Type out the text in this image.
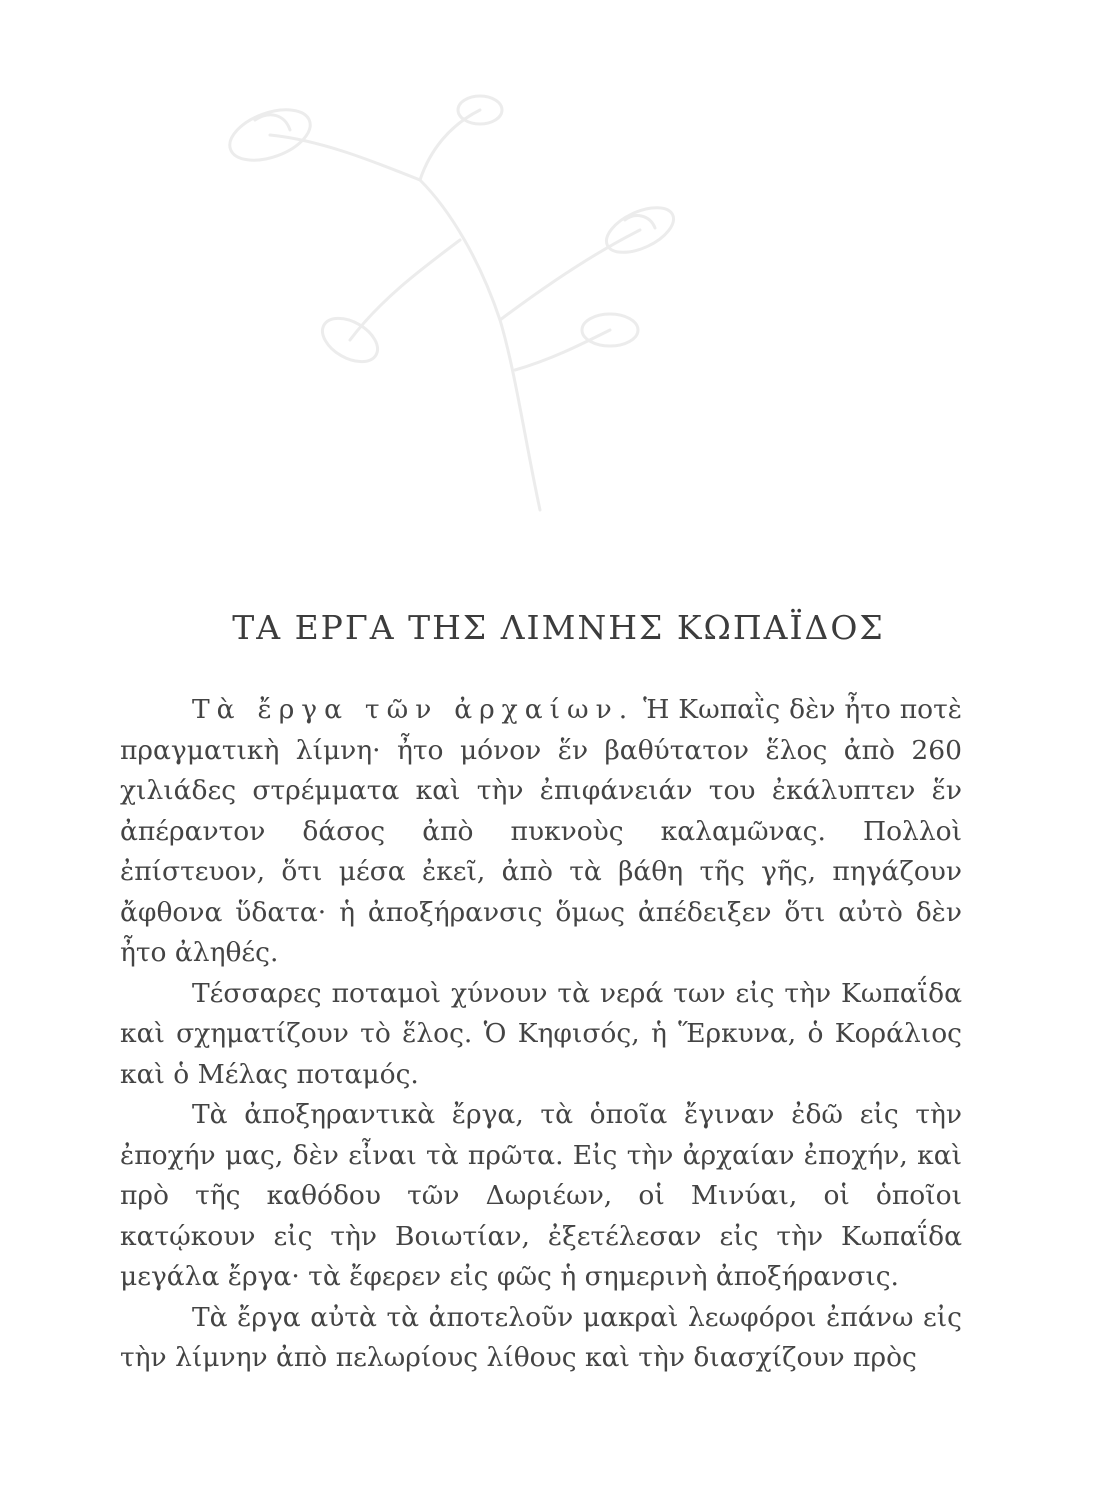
ΤΑ ΕΡΓΑ ΤΗΣ ΛΙΜΝΗΣ ΚΩΠΑΪΔΟΣ

Τὰ ἔργα τῶν ἀρχαίων. Ἡ Κωπαῒς δὲν ἦτο ποτὲ πραγματικὴ λίμνη· ἦτο μόνον ἕν βαθύτατον ἕλος ἀπὸ 260 χιλιάδες στρέμματα καὶ τὴν ἐπιφάνειάν του ἐκάλυπτεν ἕν ἀπέραντον δάσος ἀπὸ πυκνοὺς καλαμῶνας. Πολλοὶ ἐπίστευον, ὅτι μέσα ἐκεῖ, ἀπὸ τὰ βάθη τῆς γῆς, πηγάζουν ἄφθονα ὕδατα· ἡ ἀποξήρανσις ὅμως ἀπέδειξεν ὅτι αὐτὸ δὲν ἦτο ἀληθές.

Τέσσαρες ποταμοὶ χύνουν τὰ νερά των εἰς τὴν Κωπαΐδα καὶ σχηματίζουν τὸ ἕλος. Ὁ Κηφισός, ἡ Ἕρκυνα, ὁ Κοράλιος καὶ ὁ Μέλας ποταμός.

Τὰ ἀποξηραντικὰ ἔργα, τὰ ὁποῖα ἔγιναν ἐδῶ εἰς τὴν ἐποχήν μας, δὲν εἶναι τὰ πρῶτα. Εἰς τὴν ἀρχαίαν ἐποχήν, καὶ πρὸ τῆς καθόδου τῶν Δωριέων, οἱ Μινύαι, οἱ ὁποῖοι κατῴκουν εἰς τὴν Βοιωτίαν, ἐξετέλεσαν εἰς τὴν Κωπαΐδα μεγάλα ἔργα· τὰ ἔφερεν εἰς φῶς ἡ σημερινὴ ἀποξήρανσις.

Τὰ ἔργα αὐτὰ τὰ ἀποτελοῦν μακραὶ λεωφόροι ἐπάνω εἰς τὴν λίμνην ἀπὸ πελωρίους λίθους καὶ τὴν διασχίζουν πρὸς
